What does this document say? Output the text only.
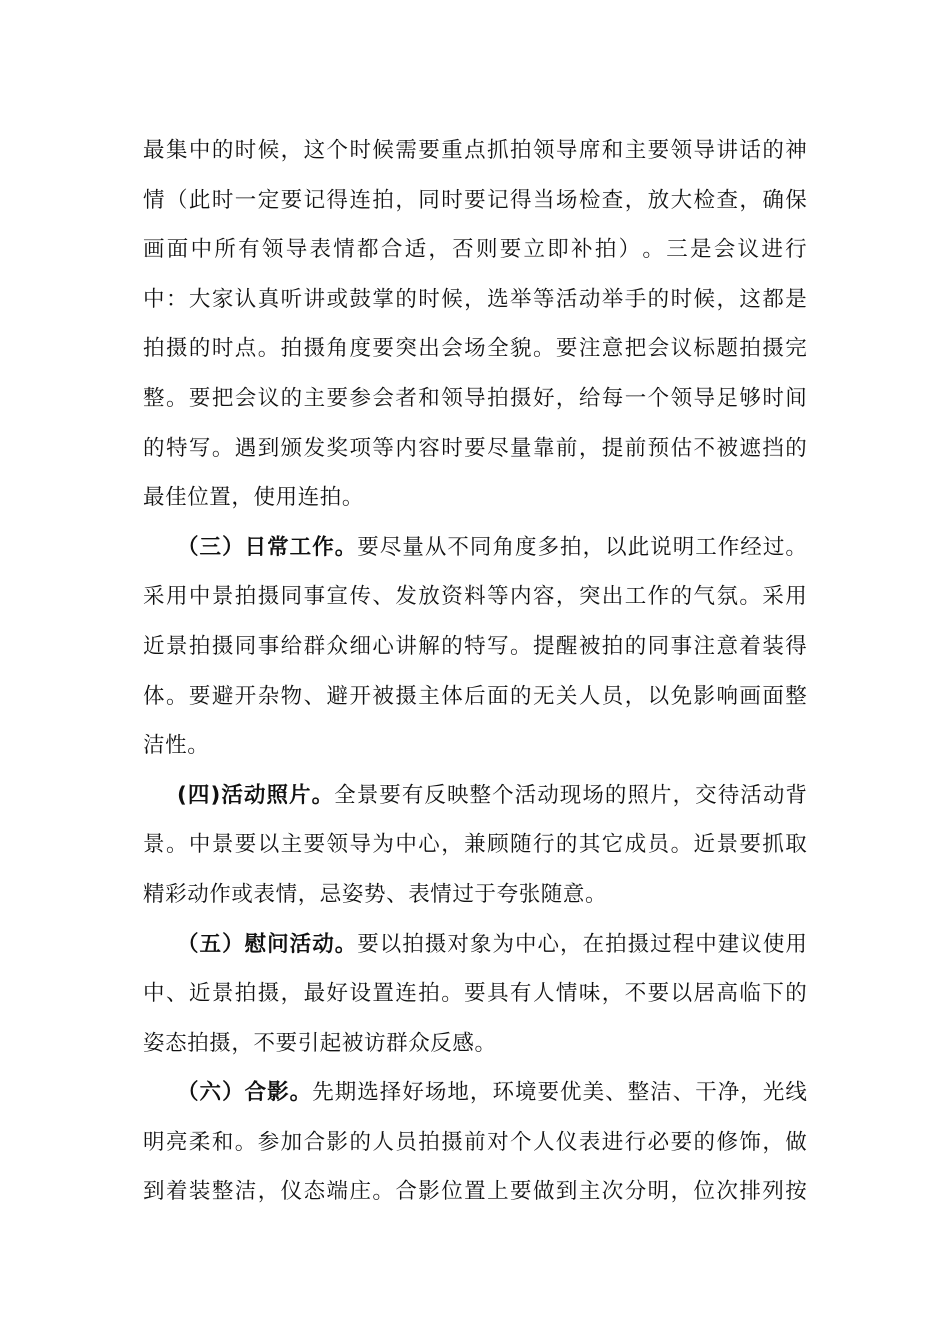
最 集 中 的 时 候 ， 这 个 时 候 需 要 重 点 抓 拍 领 导 席 和 主 要 领 导 讲 话 的 神
情 （ 此 时 一 定 要 记 得 连 拍 ， 同 时 要 记 得 当 场 检 查 ， 放 大 检 查 ， 确 保
画 面 中 所 有 领 导 表 情 都 合 适 ， 否 则 要 立 即 补 拍 ） 。 三 是 会 议 进 行
中 ： 大 家 认 真 听 讲 或 鼓 掌 的 时 候 ， 选 举 等 活 动 举 手 的 时 候 ， 这 都 是
拍 摄 的 时 点 。 拍 摄 角 度 要 突 出 会 场 全 貌 。 要 注 意 把 会 议 标 题 拍 摄 完
整 。 要 把 会 议 的 主 要 参 会 者 和 领 导 拍 摄 好 ， 给 每 一 个 领 导 足 够 时 间
的 特 写 。 遇 到 颁 发 奖 项 等 内 容 时 要 尽 量 靠 前 ， 提 前 预 估 不 被 遮 挡 的
最佳位置，使用连拍。
（ 三 ） 日 常 工 作 。 要 尽 量 从 不 同 角 度 多 拍 ， 以 此 说 明 工 作 经 过 。
采 用 中 景 拍 摄 同 事 宣 传 、 发 放 资 料 等 内 容 ， 突 出 工 作 的 气 氛 。 采 用
近 景 拍 摄 同 事 给 群 众 细 心 讲 解 的 特 写 。 提 醒 被 拍 的 同 事 注 意 着 装 得
体 。 要 避 开 杂 物 、 避 开 被 摄 主 体 后 面 的 无 关 人 员 ， 以 免 影 响 画 面 整
洁性。
( 四 ) 活 动 照 片 。 全 景 要 有 反 映 整 个 活 动 现 场 的 照 片 ， 交 待 活 动 背
景 。 中 景 要 以 主 要 领 导 为 中 心 ， 兼 顾 随 行 的 其 它 成 员 。 近 景 要 抓 取
精彩动作或表情，忌姿势、表情过于夸张随意。
（ 五 ） 慰 问 活 动 。 要 以 拍 摄 对 象 为 中 心 ， 在 拍 摄 过 程 中 建 议 使 用
中 、 近 景 拍 摄 ， 最 好 设 置 连 拍 。 要 具 有 人 情 味 ， 不 要 以 居 高 临 下 的
姿态拍摄，不要引起被访群众反感。
（ 六 ） 合 影 。 先 期 选 择 好 场 地 ， 环 境 要 优 美 、 整 洁 、 干 净 ， 光 线
明 亮 柔 和 。 参 加 合 影 的 人 员 拍 摄 前 对 个 人 仪 表 进 行 必 要 的 修 饰 ， 做
到 着 装 整 洁 ， 仪 态 端 庄 。 合 影 位 置 上 要 做 到 主 次 分 明 ， 位 次 排 列 按
